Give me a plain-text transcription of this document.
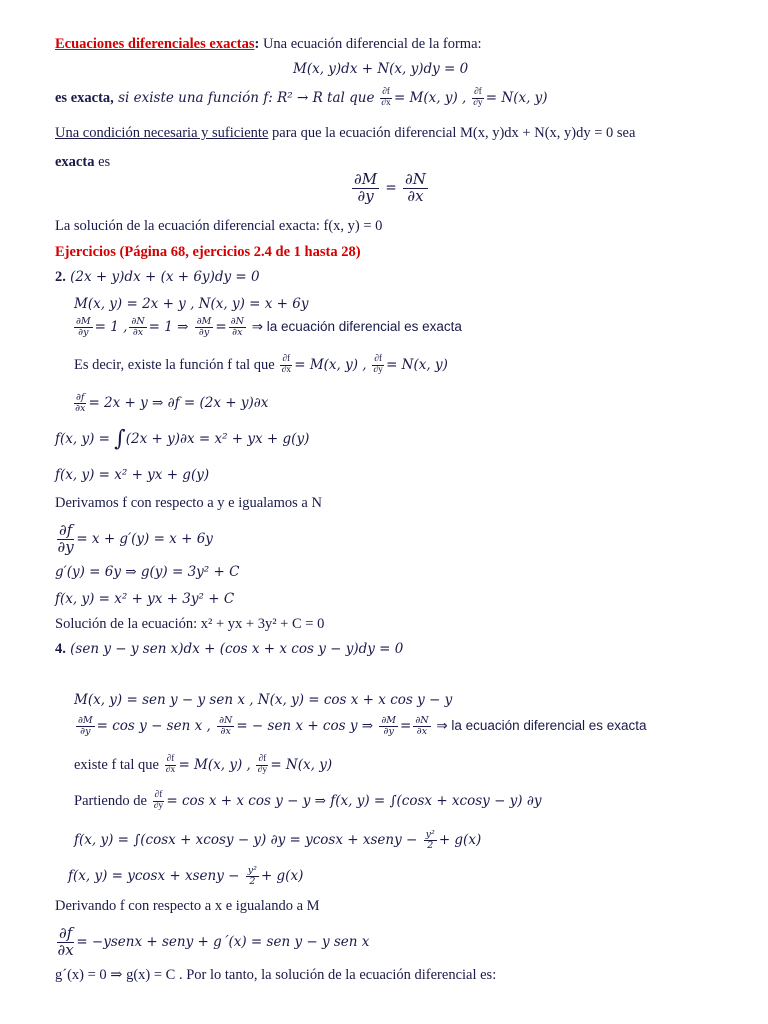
Ecuaciones diferenciales exactas: Una ecuación diferencial de la forma:
M(x, y)dx + N(x, y)dy = 0
es exacta, si existe una función f: R² → R tal que $\frac{\partial f}{\partial x} = M(x$, y) , $\frac{\partial f}{\partial y} = N(x$, y)
Una condición necesaria y suficiente para que la ecuación diferencial M(x, y)dx + N(x, y)dy = 0 sea
exacta es
$\frac{\partial M}{\partial y} = \frac{\partial N}{\partial x}$
La solución de la ecuación diferencial exacta: f(x, y) = 0
Ejercicios (Página 68, ejercicios 2.4 de 1 hasta 28)
2. (2x + y)dx + (x + 6y)dy = 0
M(x, y) = 2x + y , N(x, y) = x + 6y
$\frac{\partial M}{\partial y} = 1$ , $\frac{\partial N}{\partial x} = 1$ ⇒ $\frac{\partial M}{\partial y} = \frac{\partial N}{\partial x}$ ⇒ la ecuación diferencial es exacta
Es decir, existe la función f tal que $\frac{\partial f}{\partial x} = M(x$, y) , $\frac{\partial f}{\partial y} = N(x$, y)
$\frac{\partial f}{\partial x} = 2x + y$ ⇒ ∂f = (2x + y)∂x
f(x, y) = ∫(2x + y)∂x = x² + yx + g(y)
f(x, y) = x² + yx + g(y)
Derivamos f con respecto a y e igualamos a N
$\frac{\partial f}{\partial y} = x + g'(y) = x + 6y$
g′(y) = 6y ⇒ g(y) = 3y² + C
f(x, y) = x² + yx + 3y² + C
Solución de la ecuación: x² + yx + 3y² + C = 0
4. (sen y − y sen x)dx + (cos x + x cos y − y)dy = 0
M(x, y) = sen y − y sen x , N(x, y) = cos x + x cos y − y
$\frac{\partial M}{\partial y} = \cos y$ − sen x , $\frac{\partial N}{\partial x}$ = − sen x + cos y ⇒ $\frac{\partial M}{\partial y} = \frac{\partial N}{\partial x}$ ⇒ la ecuación diferencial es exacta
existe f tal que $\frac{\partial f}{\partial x} = M(x$, y) , $\frac{\partial f}{\partial y} = N(x$, y)
Partiendo de $\frac{\partial f}{\partial y} = \cos x + x$ cos y − y ⇒ f(x, y) = ∫(cosx + xcosy − y) ∂y
f(x, y) = ∫(cosx + xcosy − y) ∂y = ycosx + xseny − $\frac{\text{y²}}{2} + g(x)$
f(x, y) = ycosx + xseny − $\frac{\text{y²}}{2} + g(x)$
Derivando f con respecto a x e igualando a M
$\frac{\partial f}{\partial x}$ = −ysenx + seny + g´(x) = sen y − y sen x
g´(x) = 0 ⇒ g(x) = C . Por lo tanto, la solución de la ecuación diferencial es:
